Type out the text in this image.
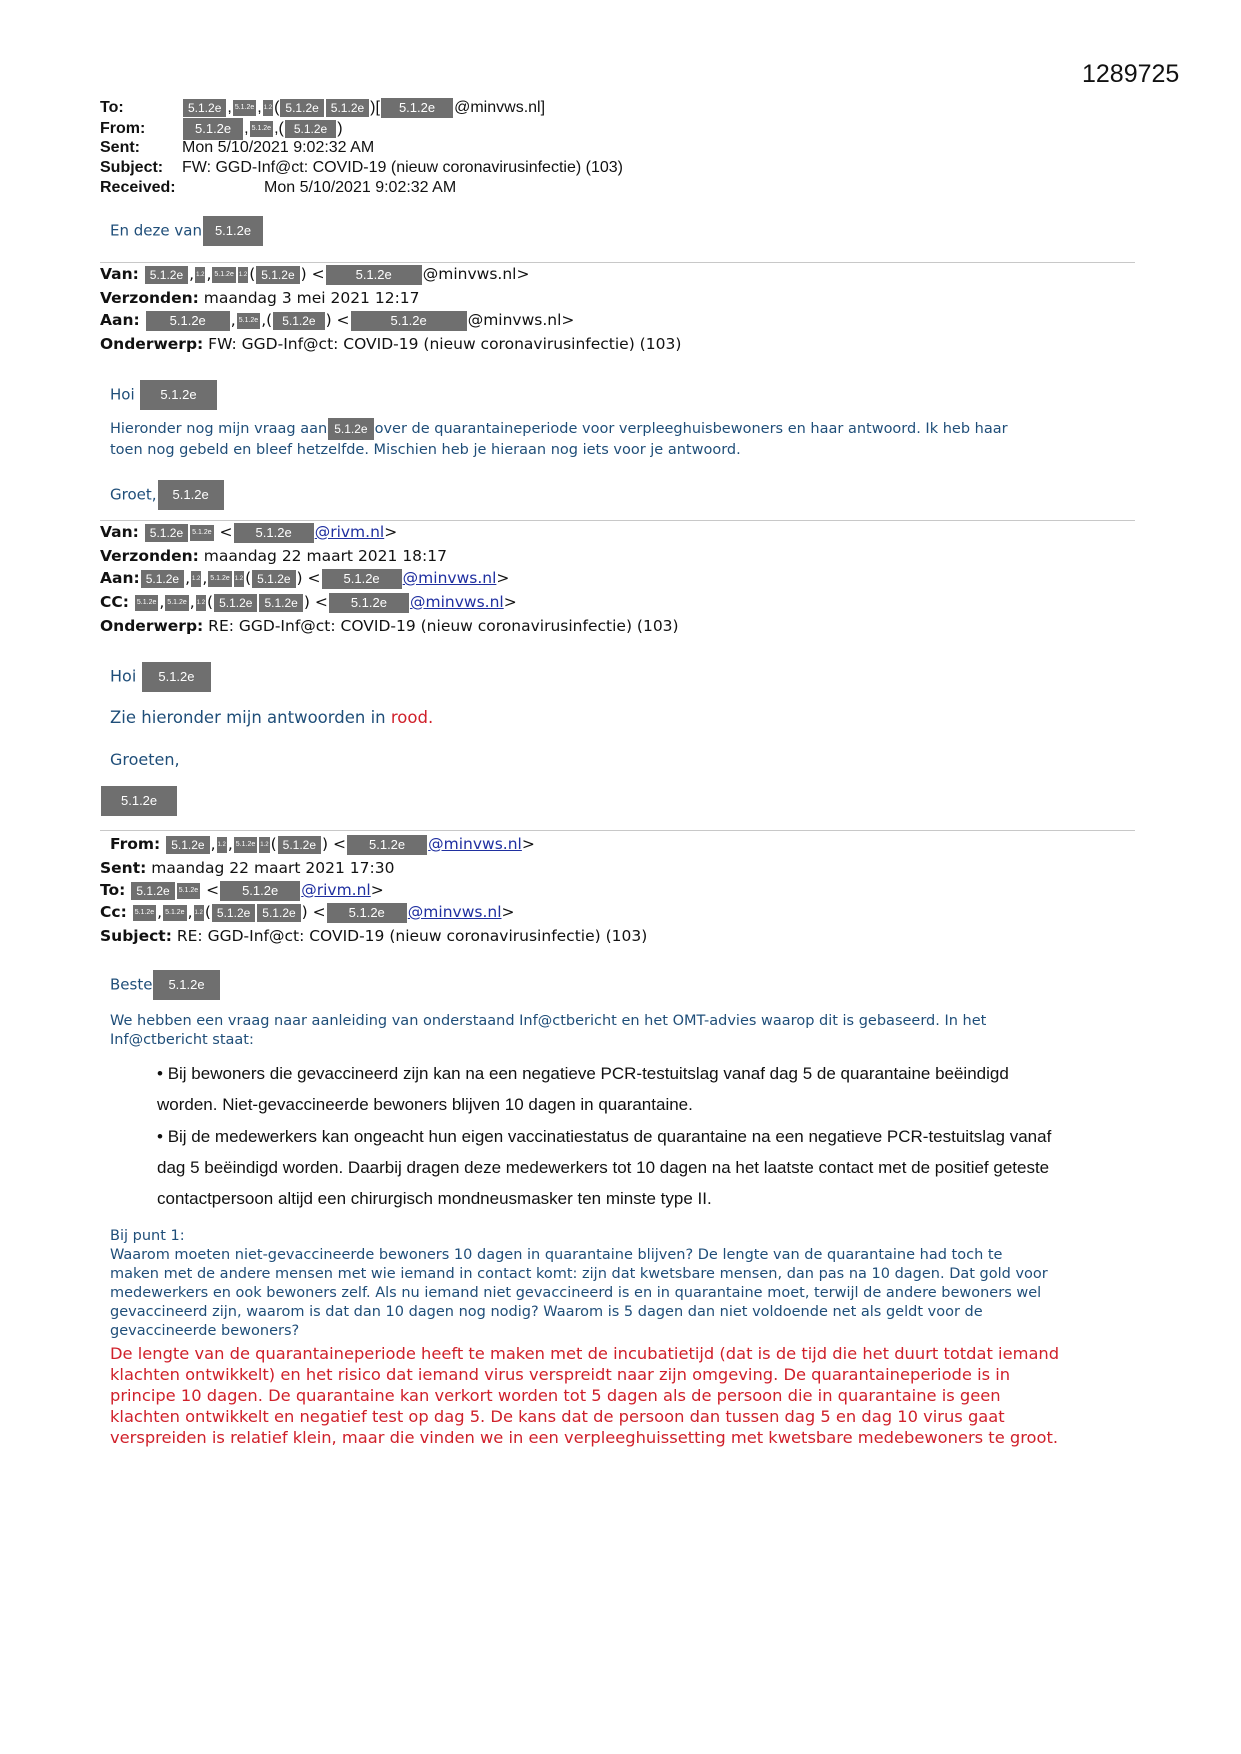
1289725
To:	5.1.2e , 5.1.2e , 1.2 ( 5.1.2e 5.1.2e )[ 5.1.2e @minvws.nl]
From:	5.1.2e , 5.1.2e ,( 5.1.2e )
Sent:	Mon 5/10/2021 9:02:32 AM
Subject: FW: GGD-Inf@ct: COVID-19 (nieuw coronavirusinfectie) (103)
Received:	Mon 5/10/2021 9:02:32 AM
En deze van 5.1.2e
Van: 5.1.2e , 1.2 , 5.1.2e 1.2 ( 5.1.2e ) < 5.1.2e @minvws.nl>
Verzonden: maandag 3 mei 2021 12:17
Aan: 5.1.2e , 5.1.2e ,( 5.1.2e ) <	5.1.2e	@minvws.nl>
Onderwerp: FW: GGD-Inf@ct: COVID-19 (nieuw coronavirusinfectie) (103)
Hoi 5.1.2e
Hieronder nog mijn vraag aan 5.1.2e over de quarantaineperiode voor verpleeghuisbewoners en haar antwoord. Ik heb haar
toen nog gebeld en bleef hetzelfde. Mischien heb je hieraan nog iets voor je antwoord.
Groet, 5.1.2e
Van: 5.1.2e 5.1.2e < 5.1.2e @rivm.nl>
Verzonden: maandag 22 maart 2021 18:17
Aan: 5.1.2e , 1.2 , 5.1.2e 1.2 ( 5.1.2e ) < 5.1.2e @minvws.nl>
CC: 5.1.2e , 5.1.2e , 1.2 ( 5.1.2e 5.1.2e ) < 5.1.2e @minvws.nl>
Onderwerp: RE: GGD-Inf@ct: COVID-19 (nieuw coronavirusinfectie) (103)
Hoi 5.1.2e
Zie hieronder mijn antwoorden in rood.
Groeten,
5.1.2e
From: 5.1.2e , 1.2 , 5.1.2e 1.2 ( 5.1.2e ) < 5.1.2e @minvws.nl>
Sent: maandag 22 maart 2021 17:30
To: 5.1.2e 5.1.2e < 5.1.2e @rivm.nl>
Cc: 5.1.2e , 5.1.2e , 1.2 ( 5.1.2e 5.1.2e ) < 5.1.2e @minvws.nl>
Subject: RE: GGD-Inf@ct: COVID-19 (nieuw coronavirusinfectie) (103)
Beste 5.1.2e
We hebben een vraag naar aanleiding van onderstaand Inf@ctbericht en het OMT-advies waarop dit is gebaseerd. In het
Inf@ctbericht staat:
• Bij bewoners die gevaccineerd zijn kan na een negatieve PCR-testuitslag vanaf dag 5 de quarantaine beëindigd
worden. Niet-gevaccineerde bewoners blijven 10 dagen in quarantaine.
• Bij de medewerkers kan ongeacht hun eigen vaccinatiestatus de quarantaine na een negatieve PCR-testuitslag vanaf
dag 5 beëindigd worden. Daarbij dragen deze medewerkers tot 10 dagen na het laatste contact met de positief geteste
contactpersoon altijd een chirurgisch mondneusmasker ten minste type II.
Bij punt 1:
Waarom moeten niet-gevaccineerde bewoners 10 dagen in quarantaine blijven? De lengte van de quarantaine had toch te
maken met de andere mensen met wie iemand in contact komt: zijn dat kwetsbare mensen, dan pas na 10 dagen. Dat gold voor
medewerkers en ook bewoners zelf. Als nu iemand niet gevaccineerd is en in quarantaine moet, terwijl de andere bewoners wel
gevaccineerd zijn, waarom is dat dan 10 dagen nog nodig? Waarom is 5 dagen dan niet voldoende net als geldt voor de
gevaccineerde bewoners?
De lengte van de quarantaineperiode heeft te maken met de incubatietijd (dat is de tijd die het duurt totdat iemand
klachten ontwikkelt) en het risico dat iemand virus verspreidt naar zijn omgeving. De quarantaineperiode is in
principe 10 dagen. De quarantaine kan verkort worden tot 5 dagen als de persoon die in quarantaine is geen
klachten ontwikkelt en negatief test op dag 5. De kans dat de persoon dan tussen dag 5 en dag 10 virus gaat
verspreiden is relatief klein, maar die vinden we in een verpleeghuissetting met kwetsbare medebewoners te groot.
